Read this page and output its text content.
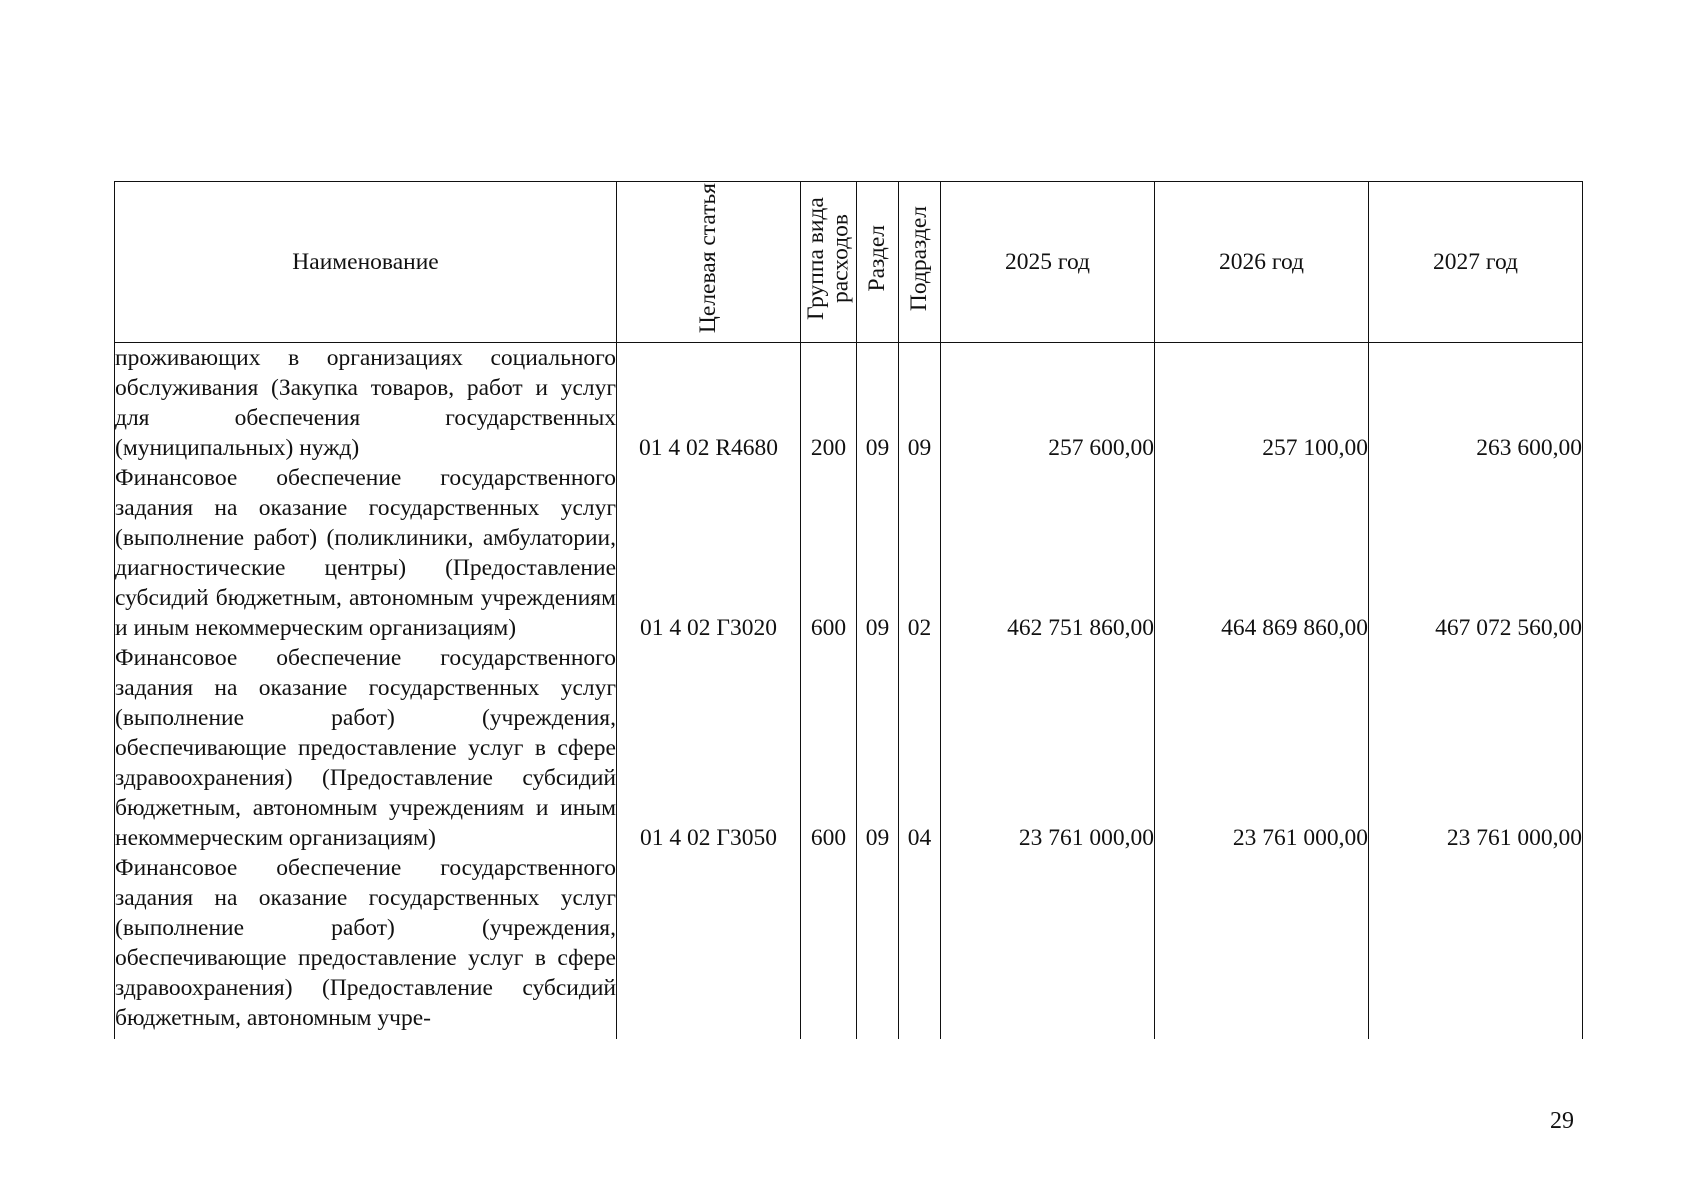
Наименование	Целевая статья	Группа вида расходов	Раздел	Подраздел	2025 год	2026 год	2027 год

проживающих в организациях социального обслуживания (Закупка товаров, работ и услуг для обеспечения государственных (муниципальных) нужд)	01 4 02 R4680	200	09	09	257 600,00	257 100,00	263 600,00

Финансовое обеспечение государственного задания на оказание государственных услуг (выполнение работ) (поликлиники, амбулатории, диагностические центры) (Предоставление субсидий бюджетным, автономным учреждениям и иным некоммерческим организациям)	01 4 02 Г3020	600	09	02	462 751 860,00	464 869 860,00	467 072 560,00

Финансовое обеспечение государственного задания на оказание государственных услуг (выполнение работ) (учреждения, обеспечивающие предоставление услуг в сфере здравоохранения) (Предоставление субсидий бюджетным, автономным учреждениям и иным некоммерческим организациям)	01 4 02 Г3050	600	09	04	23 761 000,00	23 761 000,00	23 761 000,00

Финансовое обеспечение государственного задания на оказание государственных услуг (выполнение работ) (учреждения, обеспечивающие предоставление услуг в сфере здравоохранения) (Предоставление субсидий бюджетным, автономным учре-							

29
